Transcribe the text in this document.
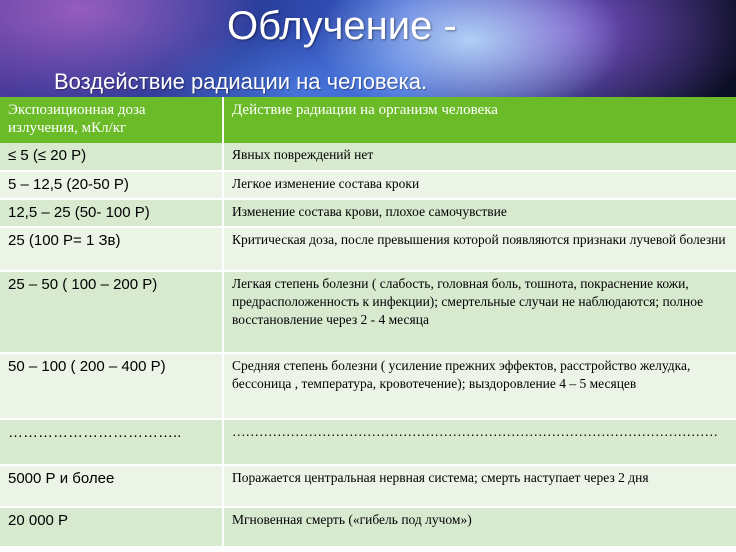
Облучение -
Воздействие радиации на человека.
Экспозиционная доза излучения, мКл/кг	Действие радиации на организм человека
≤ 5 (≤ 20 Р)	Явных повреждений нет
5 – 12,5 (20-50 Р)	Легкое изменение состава кроки
12,5 – 25 (50- 100 Р)	Изменение состава крови, плохое самочувствие
25 (100 Р= 1 Зв)	Критическая доза, после превышения которой появляются признаки лучевой болезни
25 – 50 ( 100 – 200 Р)	Легкая степень болезни ( слабость, головная боль, тошнота, покраснение кожи, предрасположенность к инфекции); смертельные случаи не наблюдаются; полное восстановление через 2 - 4 месяца
50 – 100 ( 200 – 400 Р)	Средняя степень болезни ( усиление прежних эффектов, расстройство желудка, бессоница , температура, кровотечение); выздоровление 4 – 5 месяцев
……………………………..	………………………………………………………………………………………………
5000 Р и более	Поражается центральная нервная система; смерть наступает через 2 дня
20 000 Р	Мгновенная смерть («гибель под лучом»)
